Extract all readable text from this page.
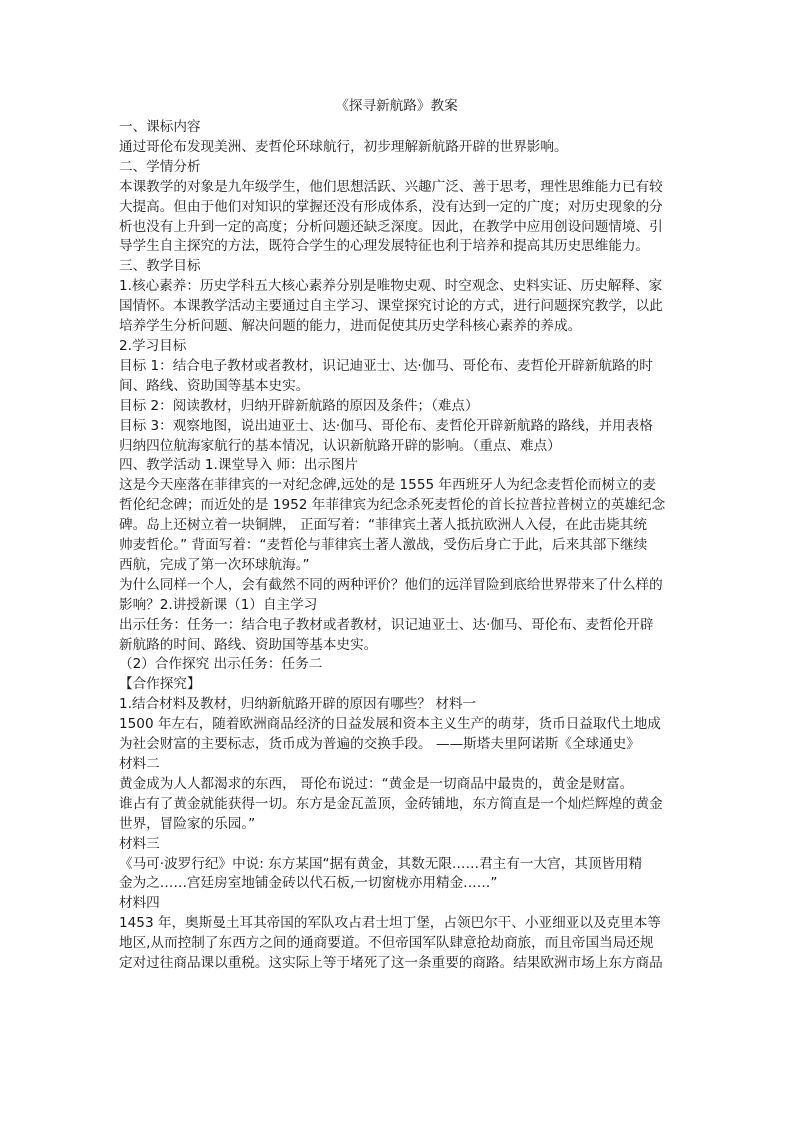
《探寻新航路》教案

一、课标内容

通过哥伦布发现美洲、麦哲伦环球航行，初步理解新航路开辟的世界影响。

二、学情分析

本课教学的对象是九年级学生，他们思想活跃、兴趣广泛、善于思考，理性思维能力已有较

大提高。但由于他们对知识的掌握还没有形成体系，没有达到一定的广度；对历史现象的分

析也没有上升到一定的高度；分析问题还缺乏深度。因此，在教学中应用创设问题情境、引

导学生自主探究的方法，既符合学生的心理发展特征也利于培养和提高其历史思维能力。

三、教学目标

1.核心素养：历史学科五大核心素养分别是唯物史观、时空观念、史料实证、历史解释、家

国情怀。本课教学活动主要通过自主学习、课堂探究讨论的方式，进行问题探究教学，以此

培养学生分析问题、解决问题的能力，进而促使其历史学科核心素养的养成。

2.学习目标

目标 1：结合电子教材或者教材，识记迪亚士、达·伽马、哥伦布、麦哲伦开辟新航路的时

间、路线、资助国等基本史实。

目标 2：阅读教材，归纳开辟新航路的原因及条件；（难点）

目标 3：观察地图，说出迪亚士、达·伽马、哥伦布、麦哲伦开辟新航路的路线，并用表格

归纳四位航海家航行的基本情况，认识新航路开辟的影响。（重点、难点）

四、教学活动 1.课堂导入 师：出示图片

这是今天座落在菲律宾的一对纪念碑,远处的是 1555 年西班牙人为纪念麦哲伦而树立的麦

哲伦纪念碑；而近处的是 1952 年菲律宾为纪念杀死麦哲伦的首长拉普拉普树立的英雄纪念

碑。岛上还树立着一块铜牌， 正面写着：“菲律宾土著人抵抗欧洲人入侵，在此击毙其统

帅麦哲伦。” 背面写着：“麦哲伦与菲律宾土著人激战，受伤后身亡于此，后来其部下继续

西航，完成了第一次环球航海。”

为什么同样一个人，会有截然不同的两种评价？他们的远洋冒险到底给世界带来了什么样的

影响？2.讲授新课（1）自主学习

出示任务：任务一：结合电子教材或者教材，识记迪亚士、达·伽马、哥伦布、麦哲伦开辟

新航路的时间、路线、资助国等基本史实。

（2）合作探究 出示任务：任务二

【合作探究】

1.结合材料及教材，归纳新航路开辟的原因有哪些？ 材料一

1500 年左右，随着欧洲商品经济的日益发展和资本主义生产的萌芽，货币日益取代土地成

为社会财富的主要标志，货币成为普遍的交换手段。 ——斯塔夫里阿诺斯《全球通史》

材料二

黄金成为人人都渴求的东西， 哥伦布说过：“黄金是一切商品中最贵的，黄金是财富。

谁占有了黄金就能获得一切。东方是金瓦盖顶，金砖铺地，东方简直是一个灿烂辉煌的黄金

世界，冒险家的乐园。”

材料三

《马可·波罗行纪》中说: 东方某国“据有黄金，其数无限……君主有一大宫，其顶皆用精

金为之……宫廷房室地铺金砖以代石板,一切窗栊亦用精金……”

材料四

1453 年，奥斯曼土耳其帝国的军队攻占君士坦丁堡，占领巴尔干、小亚细亚以及克里本等

地区,从而控制了东西方之间的通商要道。不但帝国军队肆意抢劫商旅，而且帝国当局还规

定对过往商品课以重税。这实际上等于堵死了这一条重要的商路。结果欧洲市场上东方商品
